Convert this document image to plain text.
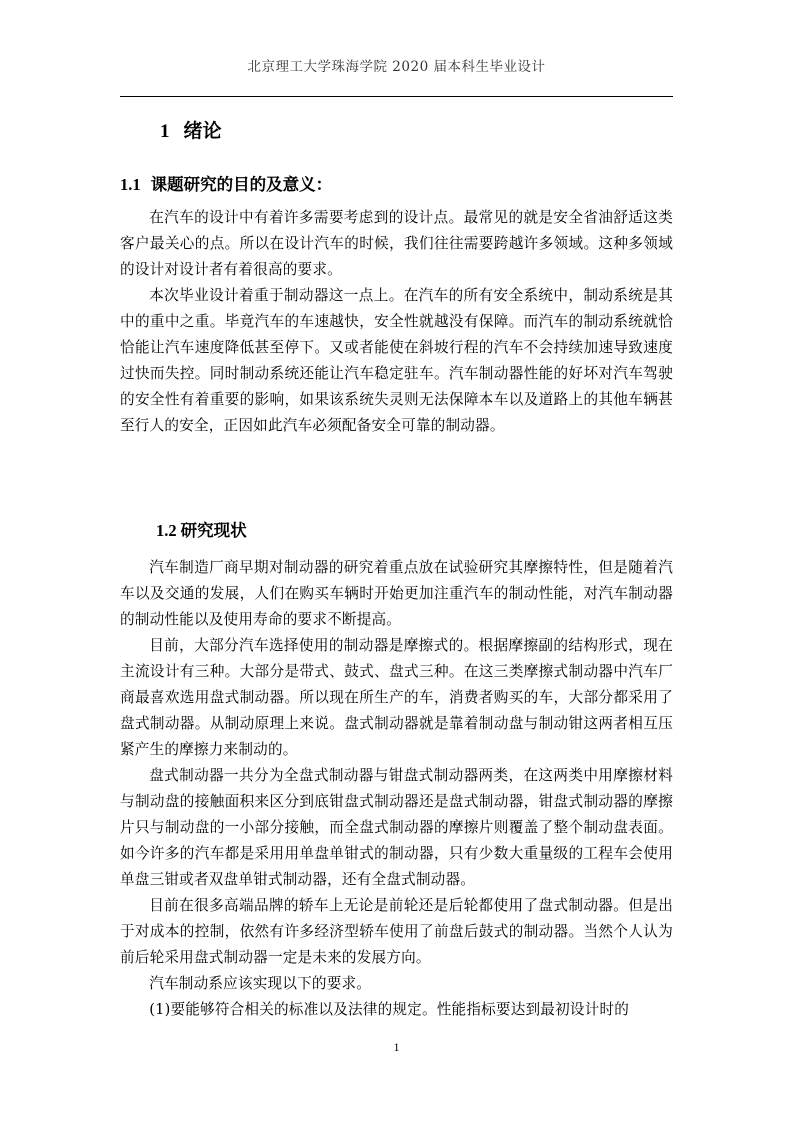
北京理工大学珠海学院 2020 届本科生毕业设计
1 绪论
1.1 课题研究的目的及意义：

在汽车的设计中有着许多需要考虑到的设计点。最常见的就是安全省油舒适这类客户最关心的点。所以在设计汽车的时候，我们往往需要跨越许多领域。这种多领域的设计对设计者有着很高的要求。

本次毕业设计着重于制动器这一点上。在汽车的所有安全系统中，制动系统是其中的重中之重。毕竟汽车的车速越快，安全性就越没有保障。而汽车的制动系统就恰恰能让汽车速度降低甚至停下。又或者能使在斜坡行程的汽车不会持续加速导致速度过快而失控。同时制动系统还能让汽车稳定驻车。汽车制动器性能的好坏对汽车驾驶的安全性有着重要的影响，如果该系统失灵则无法保障本车以及道路上的其他车辆甚至行人的安全，正因如此汽车必须配备安全可靠的制动器。

1.2 研究现状

汽车制造厂商早期对制动器的研究着重点放在试验研究其摩擦特性，但是随着汽车以及交通的发展，人们在购买车辆时开始更加注重汽车的制动性能，对汽车制动器的制动性能以及使用寿命的要求不断提高。

目前，大部分汽车选择使用的制动器是摩擦式的。根据摩擦副的结构形式，现在主流设计有三种。大部分是带式、鼓式、盘式三种。在这三类摩擦式制动器中汽车厂商最喜欢选用盘式制动器。所以现在所生产的车，消费者购买的车，大部分都采用了盘式制动器。从制动原理上来说。盘式制动器就是靠着制动盘与制动钳这两者相互压紧产生的摩擦力来制动的。

盘式制动器一共分为全盘式制动器与钳盘式制动器两类，在这两类中用摩擦材料与制动盘的接触面积来区分到底钳盘式制动器还是盘式制动器，钳盘式制动器的摩擦片只与制动盘的一小部分接触，而全盘式制动器的摩擦片则覆盖了整个制动盘表面。如今许多的汽车都是采用用单盘单钳式的制动器，只有少数大重量级的工程车会使用单盘三钳或者双盘单钳式制动器，还有全盘式制动器。

目前在很多高端品牌的轿车上无论是前轮还是后轮都使用了盘式制动器。但是出于对成本的控制，依然有许多经济型轿车使用了前盘后鼓式的制动器。当然个人认为前后轮采用盘式制动器一定是未来的发展方向。

汽车制动系应该实现以下的要求。

(1)要能够符合相关的标准以及法律的规定。性能指标要达到最初设计时的

1
